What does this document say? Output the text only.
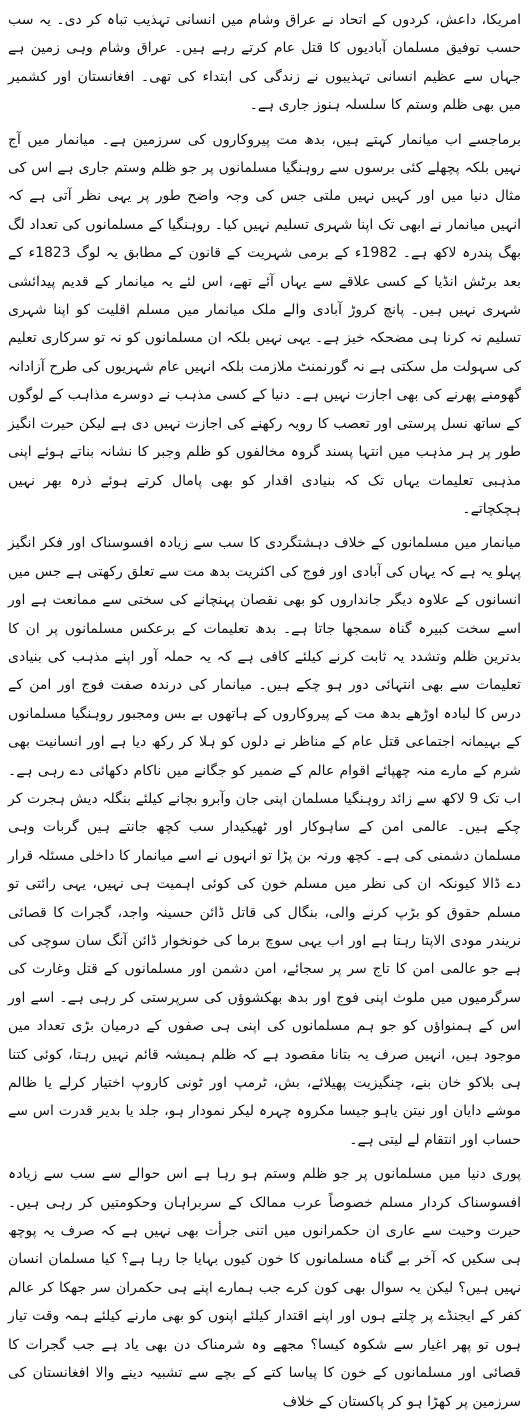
امریکا، داعش، کردوں کے اتحاد نے عراق وشام میں انسانی تہذیب تباہ کر دی۔ یہ سب حسب توفیق مسلمان آبادیوں کا قتل عام کرتے رہے ہیں۔ عراق وشام وہی زمین ہے جہاں سے عظیم انسانی تہذیبوں نے زندگی کی ابتداء کی تھی۔ افغانستان اور کشمیر میں بھی ظلم وستم کا سلسلہ ہنوز جاری ہے۔

برماجسے اب میانمار کہتے ہیں، بدھ مت پیروکاروں کی سرزمین ہے۔ میانمار میں آج نہیں بلکہ پچھلے کئی برسوں سے روہنگیا مسلمانوں پر جو ظلم وستم جاری ہے اس کی مثال دنیا میں اور کہیں نہیں ملتی جس کی وجہ واضح طور پر یہی نظر آتی ہے کہ انہیں میانمار نے ابھی تک اپنا شہری تسلیم نہیں کیا۔ روہنگیا کے مسلمانوں کی تعداد لگ بھگ پندرہ لاکھ ہے۔ 1982ء کے برمی شہریت کے قانون کے مطابق یہ لوگ 1823ء کے بعد برٹش انڈیا کے کسی علاقے سے یہاں آئے تھے، اس لئے یہ میانمار کے قدیم پیدائشی شہری نہیں ہیں۔ پانچ کروڑ آبادی والے ملک میانمار میں مسلم اقلیت کو اپنا شہری تسلیم نہ کرنا ہی مضحکہ خیز ہے۔ یہی نہیں بلکہ ان مسلمانوں کو نہ تو سرکاری تعلیم کی سہولت مل سکتی ہے نہ گورنمنٹ ملازمت بلکہ انہیں عام شہریوں کی طرح آزادانہ گھومنے پھرنے کی بھی اجازت نہیں ہے۔ دنیا کے کسی مذہب نے دوسرے مذاہب کے لوگوں کے ساتھ نسل پرستی اور تعصب کا رویہ رکھنے کی اجازت نہیں دی ہے لیکن حیرت انگیز طور پر ہر مذہب میں انتہا پسند گروہ مخالفوں کو ظلم وجبر کا نشانہ بناتے ہوئے اپنی مذہبی تعلیمات یہاں تک کہ بنیادی اقدار کو بھی پامال کرتے ہوئے ذرہ بھر نہیں ہچکچاتے۔

میانمار میں مسلمانوں کے خلاف دہشتگردی کا سب سے زیادہ افسوسناک اور فکر انگیز پہلو یہ ہے کہ یہاں کی آبادی اور فوج کی اکثریت بدھ مت سے تعلق رکھتی ہے جس میں انسانوں کے علاوہ دیگر جانداروں کو بھی نقصان پہنچانے کی سختی سے ممانعت ہے اور اسے سخت کبیرہ گناہ سمجھا جاتا ہے۔ بدھ تعلیمات کے برعکس مسلمانوں پر ان کا بدترین ظلم وتشدد یہ ثابت کرنے کیلئے کافی ہے کہ یہ حملہ آور اپنے مذہب کی بنیادی تعلیمات سے بھی انتہائی دور ہو چکے ہیں۔ میانمار کی درندہ صفت فوج اور امن کے درس کا لبادہ اوڑھے بدھ مت کے پیروکاروں کے ہاتھوں بے بس ومجبور روہنگیا مسلمانوں کے بہیمانہ اجتماعی قتل عام کے مناظر نے دلوں کو ہلا کر رکھ دیا ہے اور انسانیت بھی شرم کے مارے منہ چھپائے اقوام عالم کے ضمیر کو جگانے میں ناکام دکھائی دے رہی ہے۔ اب تک 9 لاکھ سے زائد روہنگیا مسلمان اپنی جان وآبرو بچانے کیلئے بنگلہ دیش ہجرت کر چکے ہیں۔ عالمی امن کے ساہوکار اور ٹھیکیدار سب کچھ جانتے ہیں گربات وہی مسلمان دشمنی کی ہے۔ کچھ ورنہ بن پڑا تو انہوں نے اسے میانمار کا داخلی مسئلہ قرار دے ڈالا کیونکہ ان کی نظر میں مسلم خون کی کوئی اہمیت ہی نہیں، یہی رائتی تو مسلم حقوق کو بڑپ کرنے والی، بنگال کی قاتل ڈائن حسینہ واجد، گجرات کا قصائی نریندر مودی الاپتا رہتا ہے اور اب یہی سوچ برما کی خونخوار ڈائن آنگ سان سوچی کی ہے جو عالمی امن کا تاج سر پر سجائے، امن دشمن اور مسلمانوں کے قتل وغارت کی سرگرمیوں میں ملوث اپنی فوج اور بدھ بھکشوؤں کی سرپرستی کر رہی ہے۔ اسے اور اس کے ہمنواؤں کو جو ہم مسلمانوں کی اپنی ہی صفوں کے درمیان بڑی تعداد میں موجود ہیں، انہیں صرف یہ بتانا مقصود ہے کہ ظلم ہمیشہ قائم نہیں رہتا، کوئی کتنا ہی بلاکو خان بنے، چنگیزیت پھیلائے، بش، ٹرمپ اور ٹونی کاروپ اختیار کرلے یا ظالم موشے دایان اور نیتن یاہو جیسا مکروہ چہرہ لیکر نمودار ہو، جلد یا بدیر قدرت اس سے حساب اور انتقام لے لیتی ہے۔

پوری دنیا میں مسلمانوں پر جو ظلم وستم ہو رہا ہے اس حوالے سے سب سے زیادہ افسوسناک کردار مسلم خصوصاً عرب ممالک کے سربراہان وحکومتیں کر رہی ہیں۔ حیرت وحیت سے عاری ان حکمرانوں میں اتنی جرأت بھی نہیں ہے کہ صرف یہ پوچھ ہی سکیں کہ آخر بے گناہ مسلمانوں کا خون کیوں بہایا جا رہا ہے؟ کیا مسلمان انسان نہیں ہیں؟ لیکن یہ سوال بھی کون کرے جب ہمارے اپنے ہی حکمران سر جھکا کر عالم کفر کے ایجنڈے پر چلتے ہوں اور اپنے اقتدار کیلئے اپنوں کو بھی مارنے کیلئے ہمہ وقت تیار ہوں تو پھر اغیار سے شکوہ کیسا؟ مجھے وہ شرمناک دن بھی یاد ہے جب گجرات کا قصائی اور مسلمانوں کے خون کا پیاسا کتے کے بچے سے تشبیہ دینے والا افغانستان کی سرزمین پر کھڑا ہو کر پاکستان کے خلاف
